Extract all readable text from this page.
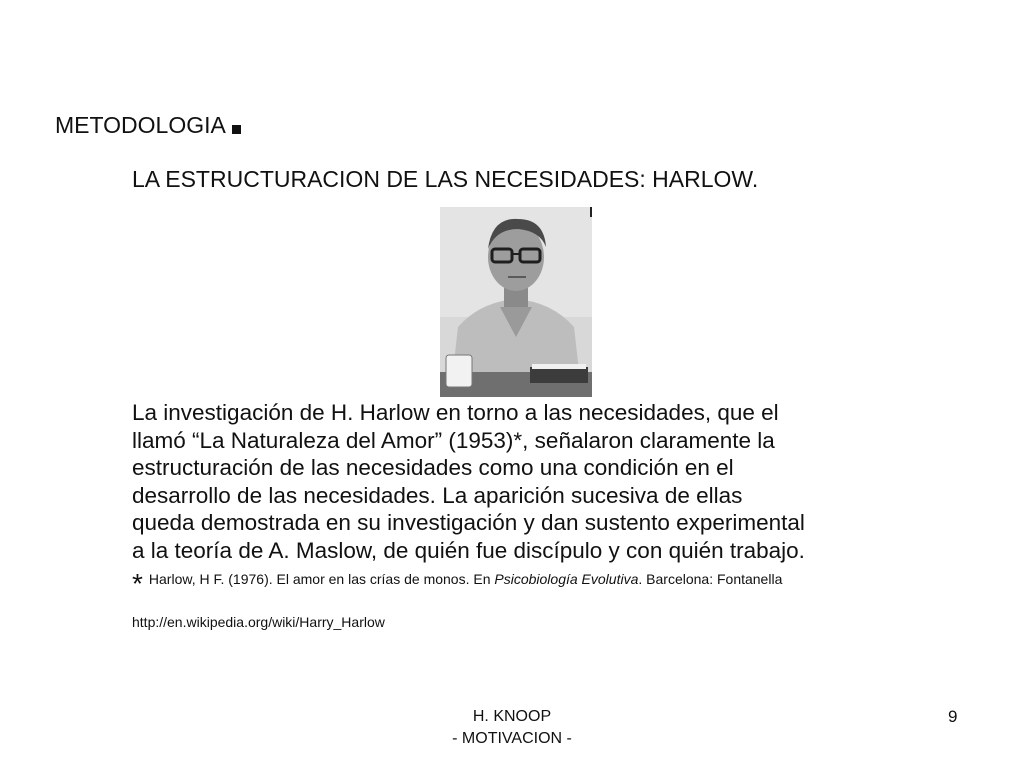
METODOLOGIA
LA ESTRUCTURACION DE LAS NECESIDADES: HARLOW.
La investigación de H. Harlow en torno a las necesidades, que el
llamó “La Naturaleza del Amor” (1953)*, señalaron claramente la
estructuración de las necesidades como una condición en el
desarrollo de las necesidades. La aparición sucesiva de ellas
queda demostrada en su investigación y dan sustento experimental
a la teoría de A. Maslow, de quién fue discípulo y con quién trabajo.
* Harlow, H F. (1976). El amor en las crías de monos. En Psicobiología Evolutiva. Barcelona: Fontanella
http://en.wikipedia.org/wiki/Harry_Harlow
H. KNOOP
- MOTIVACION -
9
